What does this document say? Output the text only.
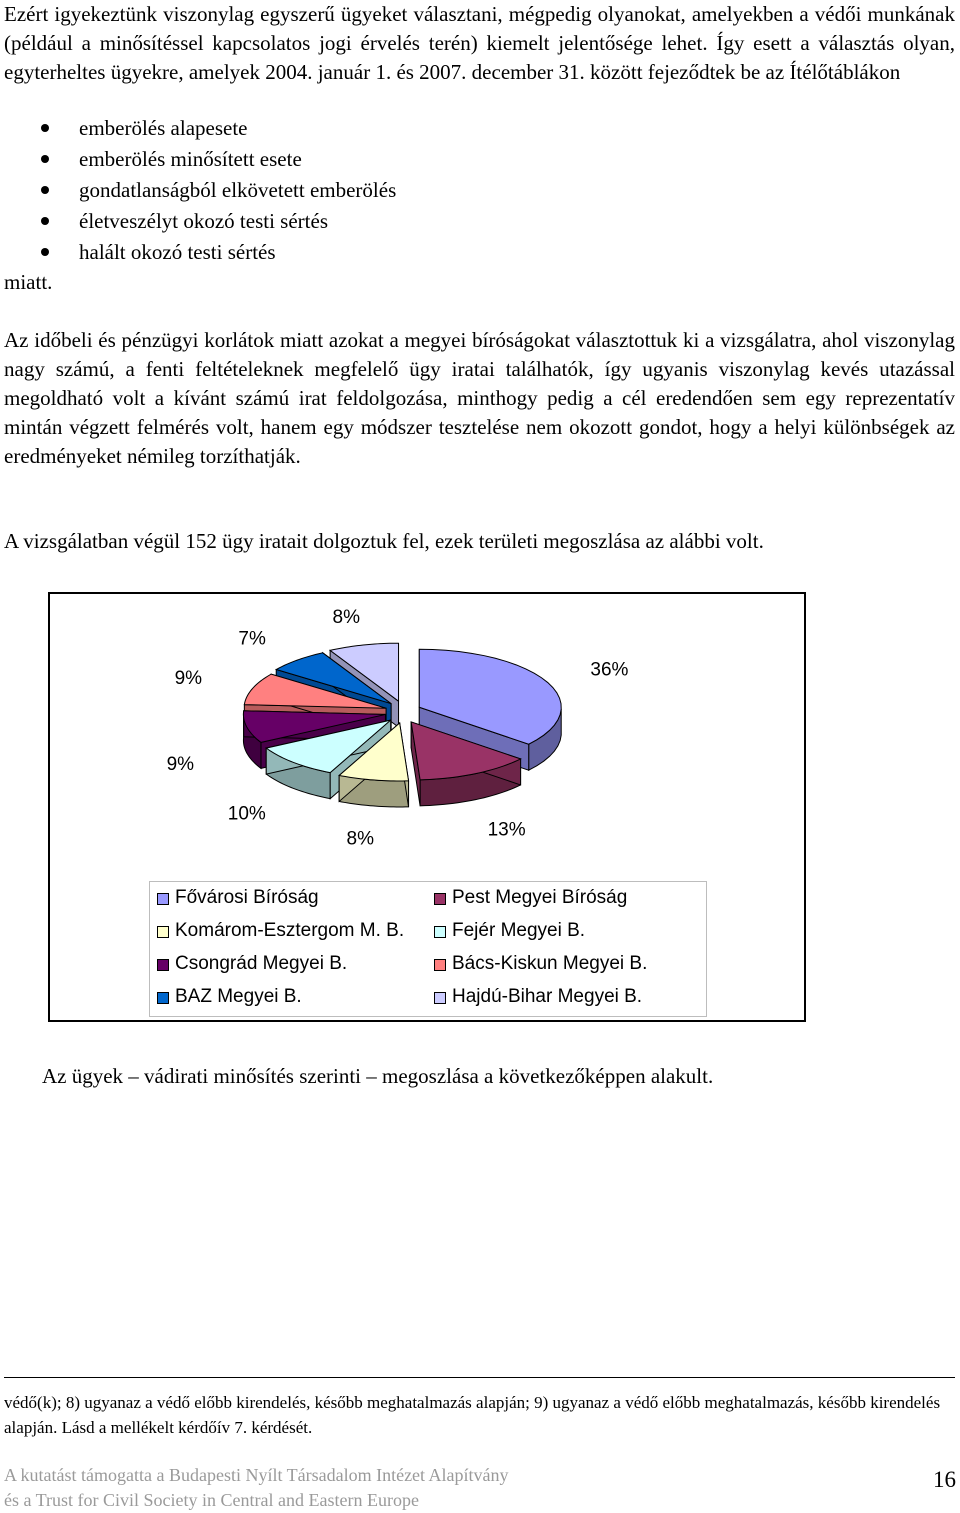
Ezért igyekeztünk viszonylag egyszerű ügyeket választani, mégpedig olyanokat, amelyekben a védői munkának (például a minősítéssel kapcsolatos jogi érvelés terén) kiemelt jelentősége lehet. Így esett a választás olyan, egyterheltes ügyekre, amelyek 2004. január 1. és 2007. december 31. között fejeződtek be az Ítélőtáblákon
emberölés alapesete
emberölés minősített esete
gondatlanságból elkövetett emberölés
életveszélyt okozó testi sértés
halált okozó testi sértés
miatt.
Az időbeli és pénzügyi korlátok miatt azokat a megyei bíróságokat választottuk ki a vizsgálatra, ahol viszonylag nagy számú, a fenti feltételeknek megfelelő ügy iratai találhatók, így ugyanis viszonylag kevés utazással megoldható volt a kívánt számú irat feldolgozása, minthogy pedig a cél eredendően sem egy reprezentatív mintán végzett felmérés volt, hanem egy módszer tesztelése nem okozott gondot, hogy a helyi különbségek az eredményeket némileg torzíthatják.
A vizsgálatban végül 152 ügy iratait dolgoztuk fel, ezek területi megoszlása az alábbi volt.
36%
13%
8%
10%
9%
9%
7%
8%
Fővárosi Bíróság	Pest Megyei Bíróság
Komárom-Esztergom M. B.	Fejér Megyei B.
Csongrád Megyei B.	Bács-Kiskun Megyei B.
BAZ Megyei B.	Hajdú-Bihar Megyei B.
Az ügyek – vádirati minősítés szerinti – megoszlása a következőképpen alakult.
védő(k); 8) ugyanaz a védő előbb kirendelés, később meghatalmazás alapján; 9) ugyanaz a védő előbb meghatalmazás, később kirendelés alapján. Lásd a mellékelt kérdőív 7. kérdését.
A kutatást támogatta a Budapesti Nyílt Társadalom Intézet Alapítvány
és a Trust for Civil Society in Central and Eastern Europe
16
